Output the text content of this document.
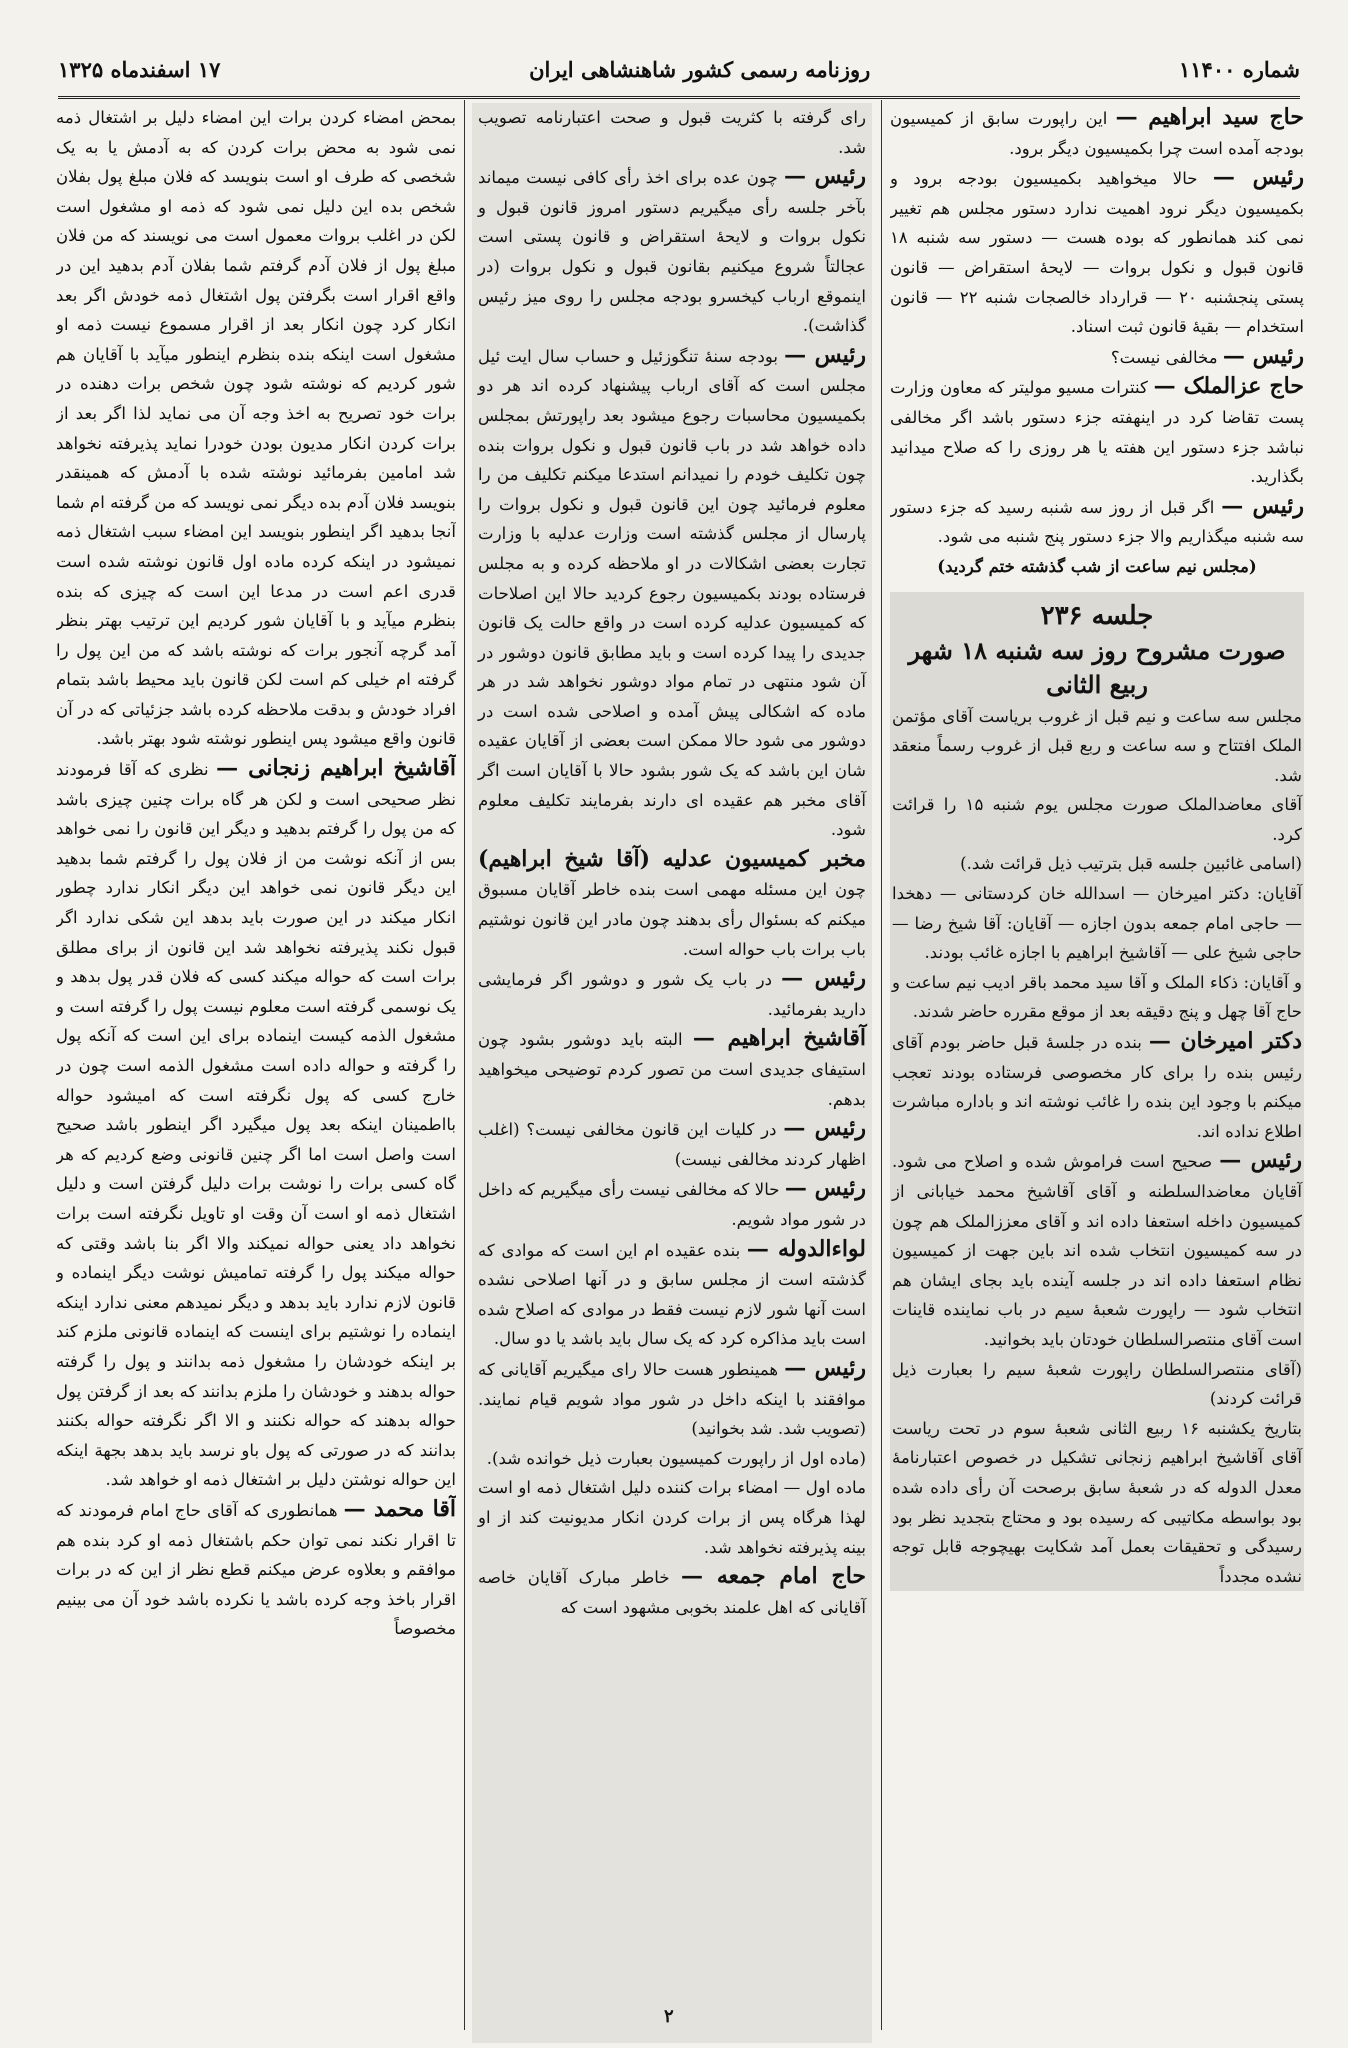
شماره ۱۱۴۰۰
روزنامه رسمی کشور شاهنشاهی ایران
۱۷ اسفندماه ۱۳۲۵

حاج سید ابراهیم — این راپورت سابق از کمیسیون بودجه آمده است چرا بکمیسیون دیگر برود.

رئیس — حالا میخواهید بکمیسیون بودجه برود و بکمیسیون دیگر نرود اهمیت ندارد دستور مجلس هم تغییر نمی کند همانطور که بوده هست — دستور سه شنبه ۱۸ قانون قبول و نکول بروات — لایحهٔ استقراض — قانون پستی پنجشنبه ۲۰ — قرارداد خالصجات شنبه ۲۲ — قانون استخدام — بقیهٔ قانون ثبت اسناد.

رئیس — مخالفی نیست؟

حاج عزالملک — کنترات مسیو مولیتر که معاون وزارت پست تقاضا کرد در اینهفته جزء دستور باشد اگر مخالفی نباشد جزء دستور این هفته یا هر روزی را که صلاح میدانید بگذارید.

رئیس — اگر قبل از روز سه شنبه رسید که جزء دستور سه شنبه میگذاریم والا جزء دستور پنج شنبه می شود.

(مجلس نیم ساعت از شب گذشته ختم گردید)

جلسه ۲۳۶
صورت مشروح روز سه شنبه ۱۸ شهر ربیع الثانی

مجلس سه ساعت و نیم قبل از غروب بریاست آقای مؤتمن الملک افتتاح و سه ساعت و ربع قبل از غروب رسماً منعقد شد.

آقای معاضدالملک صورت مجلس یوم شنبه ۱۵ را قرائت کرد.

(اسامی غائبین جلسه قبل بترتیب ذیل قرائت شد.)

آقایان: دکتر امیرخان — اسدالله خان کردستانی — دهخدا — حاجی امام جمعه بدون اجازه — آقایان: آقا شیخ رضا — حاجی شیخ علی — آقاشیخ ابراهیم با اجازه غائب بودند.

و آقایان: ذکاء الملک و آقا سید محمد باقر ادیب نیم ساعت و حاج آقا چهل و پنج دقیقه بعد از موقع مقرره حاضر شدند.

دکتر امیرخان — بنده در جلسهٔ قبل حاضر بودم آقای رئیس بنده را برای کار مخصوصی فرستاده بودند تعجب میکنم با وجود این بنده را غائب نوشته اند و باداره مباشرت اطلاع نداده اند.

رئیس — صحیح است فراموش شده و اصلاح می شود. آقایان معاضدالسلطنه و آقای آقاشیخ محمد خیابانی از کمیسیون داخله استعفا داده اند و آقای معززالملک هم چون در سه کمیسیون انتخاب شده اند باین جهت از کمیسیون نظام استعفا داده اند در جلسه آینده باید بجای ایشان هم انتخاب شود — راپورت شعبهٔ سیم در باب نماینده قاینات است آقای منتصرالسلطان خودتان باید بخوانید.

(آقای منتصرالسلطان راپورت شعبهٔ سیم را بعبارت ذیل قرائت کردند)

بتاریخ یکشنبه ۱۶ ربیع الثانی شعبهٔ سوم در تحت ریاست آقای آقاشیخ ابراهیم زنجانی تشکیل در خصوص اعتبارنامهٔ معدل الدوله که در شعبهٔ سابق برصحت آن رأی داده شده بود بواسطه مکاتیبی که رسیده بود و محتاج بتجدید نظر بود رسیدگی و تحقیقات بعمل آمد شکایت بهیچوجه قابل توجه نشده مجدداً

رای گرفته با کثریت قبول و صحت اعتبارنامه تصویب شد.

رئیس — چون عده برای اخذ رأی کافی نیست میماند بآخر جلسه رأی میگیریم دستور امروز قانون قبول و نکول بروات و لایحهٔ استقراض و قانون پستی است عجالتاً شروع میکنیم بقانون قبول و نکول بروات (در اینموقع ارباب کیخسرو بودجه مجلس را روی میز رئیس گذاشت).

رئیس — بودجه سنهٔ تنگوزئیل و حساب سال ایت ئیل مجلس است که آقای ارباب پیشنهاد کرده اند هر دو بکمیسیون محاسبات رجوع میشود بعد راپورتش بمجلس داده خواهد شد در باب قانون قبول و نکول بروات بنده چون تکلیف خودم را نمیدانم استدعا میکنم تکلیف من را معلوم فرمائید چون این قانون قبول و نکول بروات را پارسال از مجلس گذشته است وزارت عدلیه با وزارت تجارت بعضی اشکالات در او ملاحظه کرده و به مجلس فرستاده بودند بکمیسیون رجوع کردید حالا این اصلاحات که کمیسیون عدلیه کرده است در واقع حالت یک قانون جدیدی را پیدا کرده است و باید مطابق قانون دوشور در آن شود منتهی در تمام مواد دوشور نخواهد شد در هر ماده که اشکالی پیش آمده و اصلاحی شده است در دوشور می شود حالا ممکن است بعضی از آقایان عقیده شان این باشد که یک شور بشود حالا با آقایان است اگر آقای مخبر هم عقیده ای دارند بفرمایند تکلیف معلوم شود.

مخبر کمیسیون عدلیه (آقا شیخ ابراهیم) چون این مسئله مهمی است بنده خاطر آقایان مسبوق میکنم که بسئوال رأی بدهند چون مادر این قانون نوشتیم باب برات باب حواله است.

رئیس — در باب یک شور و دوشور اگر فرمایشی دارید بفرمائید.

آقاشیخ ابراهیم — البته باید دوشور بشود چون استیفای جدیدی است من تصور کردم توضیحی میخواهید بدهم.

رئیس — در کلیات این قانون مخالفی نیست؟ (اغلب اظهار کردند مخالفی نیست)

رئیس — حالا که مخالفی نیست رأی میگیریم که داخل در شور مواد شویم.

لواءالدوله — بنده عقیده ام این است که موادی که گذشته است از مجلس سابق و در آنها اصلاحی نشده است آنها شور لازم نیست فقط در موادی که اصلاح شده است باید مذاکره کرد که یک سال باید باشد یا دو سال.

رئیس — همینطور هست حالا رای میگیریم آقایانی که موافقند با اینکه داخل در شور مواد شویم قیام نمایند. (تصویب شد. شد بخوانید)

(ماده اول از راپورت کمیسیون بعبارت ذیل خوانده شد).

ماده اول — امضاء برات کننده دلیل اشتغال ذمه او است لهذا هرگاه پس از برات کردن انکار مدیونیت کند از او بینه پذیرفته نخواهد شد.

حاج امام جمعه — خاطر مبارک آقایان خاصه آقایانی که اهل علمند بخوبی مشهود است که

بمحض امضاء کردن برات این امضاء دلیل بر اشتغال ذمه نمی شود به محض برات کردن که به آدمش یا به یک شخصی که طرف او است بنویسد که فلان مبلغ پول بفلان شخص بده این دلیل نمی شود که ذمه او مشغول است لکن در اغلب بروات معمول است می نویسند که من فلان مبلغ پول از فلان آدم گرفتم شما بفلان آدم بدهید این در واقع اقرار است بگرفتن پول اشتغال ذمه خودش اگر بعد انکار کرد چون انکار بعد از اقرار مسموع نیست ذمه او مشغول است اینکه بنده بنظرم اینطور میآید با آقایان هم شور کردیم که نوشته شود چون شخص برات دهنده در برات خود تصریح به اخذ وجه آن می نماید لذا اگر بعد از برات کردن انکار مدیون بودن خودرا نماید پذیرفته نخواهد شد امامین بفرمائید نوشته شده با آدمش که همینقدر بنویسد فلان آدم بده دیگر نمی نویسد که من گرفته ام شما آنجا بدهید اگر اینطور بنویسد این امضاء سبب اشتغال ذمه نمیشود در اینکه کرده ماده اول قانون نوشته شده است قدری اعم است در مدعا این است که چیزی که بنده بنظرم میآید و با آقایان شور کردیم این ترتیب بهتر بنظر آمد گرچه آنجور برات که نوشته باشد که من این پول را گرفته ام خیلی کم است لکن قانون باید محیط باشد بتمام افراد خودش و بدقت ملاحظه کرده باشد جزئیاتی که در آن قانون واقع میشود پس اینطور نوشته شود بهتر باشد.

آقاشیخ ابراهیم زنجانی — نظری که آقا فرمودند نظر صحیحی است و لکن هر گاه برات چنین چیزی باشد که من پول را گرفتم بدهید و دیگر این قانون را نمی خواهد بس از آنکه نوشت من از فلان پول را گرفتم شما بدهید این دیگر قانون نمی خواهد این دیگر انکار ندارد چطور انکار میکند در این صورت باید بدهد این شکی ندارد اگر قبول نکند پذیرفته نخواهد شد این قانون از برای مطلق برات است که حواله میکند کسی که فلان قدر پول بدهد و یک نوسمی گرفته است معلوم نیست پول را گرفته است و مشغول الذمه کیست اینماده برای این است که آنکه پول را گرفته و حواله داده است مشغول الذمه است چون در خارج کسی که پول نگرفته است که امیشود حواله بااطمینان اینکه بعد پول میگیرد اگر اینطور باشد صحیح است واصل است اما اگر چنین قانونی وضع کردیم که هر گاه کسی برات را نوشت برات دلیل گرفتن است و دلیل اشتغال ذمه او است آن وقت او تاویل نگرفته است برات نخواهد داد یعنی حواله نمیکند والا اگر بنا باشد وقتی که حواله میکند پول را گرفته تمامیش نوشت دیگر اینماده و قانون لازم ندارد باید بدهد و دیگر نمیدهم معنی ندارد اینکه اینماده را نوشتیم برای اینست که اینماده قانونی ملزم کند بر اینکه خودشان را مشغول ذمه بدانند و پول را گرفته حواله بدهند و خودشان را ملزم بدانند که بعد از گرفتن پول حواله بدهند که حواله نکنند و الا اگر نگرفته حواله بکنند بدانند که در صورتی که پول باو نرسد باید بدهد بجهة اینکه این حواله نوشتن دلیل بر اشتغال ذمه او خواهد شد.

آقا محمد — همانطوری که آقای حاج امام فرمودند که تا اقرار نکند نمی توان حکم باشتغال ذمه او کرد بنده هم موافقم و بعلاوه عرض میکنم قطع نظر از این که در برات اقرار باخذ وجه کرده باشد یا نکرده باشد خود آن می بینیم مخصوصاً

۲
